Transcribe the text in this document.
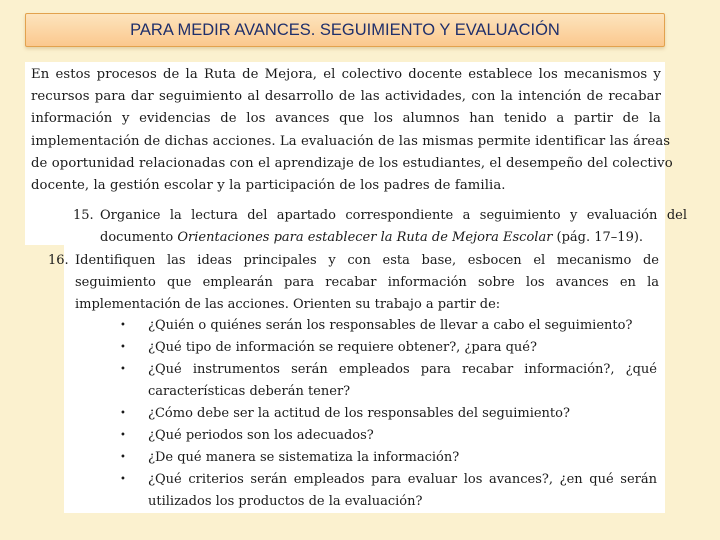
PARA MEDIR AVANCES. SEGUIMIENTO Y EVALUACIÓN
En estos procesos de la Ruta de Mejora, el colectivo docente establece los mecanismos y
recursos para dar seguimiento al desarrollo de las actividades, con la intención de recabar
información y evidencias de los avances que los alumnos han tenido a partir de la
implementación de dichas acciones. La evaluación de las mismas permite identificar las áreas
de oportunidad relacionadas con el aprendizaje de los estudiantes, el desempeño del colectivo
docente, la gestión escolar y la participación de los padres de familia.
15. Organice la lectura del apartado correspondiente a seguimiento y evaluación del
documento Orientaciones para establecer la Ruta de Mejora Escolar (pág. 17–19).
16. Identifiquen las ideas principales y con esta base, esbocen el mecanismo de
seguimiento que emplearán para recabar información sobre los avances en la
implementación de las acciones. Orienten su trabajo a partir de:
• ¿Quién o quiénes serán los responsables de llevar a cabo el seguimiento?
• ¿Qué tipo de información se requiere obtener?, ¿para qué?
• ¿Qué instrumentos serán empleados para recabar información?, ¿qué
características deberán tener?
• ¿Cómo debe ser la actitud de los responsables del seguimiento?
• ¿Qué periodos son los adecuados?
• ¿De qué manera se sistematiza la información?
• ¿Qué criterios serán empleados para evaluar los avances?, ¿en qué serán
utilizados los productos de la evaluación?
